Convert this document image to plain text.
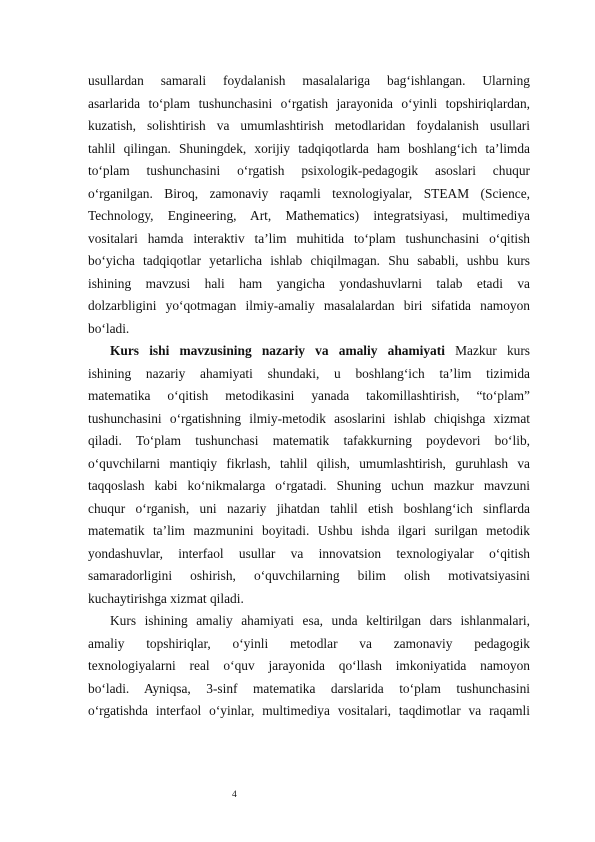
usullardan samarali foydalanish masalalariga bag‘ishlangan. Ularning
asarlarida to‘plam tushunchasini o‘rgatish jarayonida o‘yinli topshiriqlardan,
kuzatish, solishtirish va umumlashtirish metodlaridan foydalanish usullari
tahlil qilingan. Shuningdek, xorijiy tadqiqotlarda ham boshlang‘ich ta’limda
to‘plam tushunchasini o‘rgatish psixologik-pedagogik asoslari chuqur
o‘rganilgan. Biroq, zamonaviy raqamli texnologiyalar, STEAM (Science,
Technology, Engineering, Art, Mathematics) integratsiyasi, multimediya
vositalari hamda interaktiv ta’lim muhitida to‘plam tushunchasini o‘qitish
bo‘yicha tadqiqotlar yetarlicha ishlab chiqilmagan. Shu sababli, ushbu kurs
ishining mavzusi hali ham yangicha yondashuvlarni talab etadi va
dolzarbligini yo‘qotmagan ilmiy-amaliy masalalardan biri sifatida namoyon
bo‘ladi.
Kurs ishi mavzusining nazariy va amaliy ahamiyati Mazkur kurs
ishining nazariy ahamiyati shundaki, u boshlang‘ich ta’lim tizimida
matematika o‘qitish metodikasini yanada takomillashtirish, “to‘plam”
tushunchasini o‘rgatishning ilmiy-metodik asoslarini ishlab chiqishga xizmat
qiladi. To‘plam tushunchasi matematik tafakkurning poydevori bo‘lib,
o‘quvchilarni mantiqiy fikrlash, tahlil qilish, umumlashtirish, guruhlash va
taqqoslash kabi ko‘nikmalarga o‘rgatadi. Shuning uchun mazkur mavzuni
chuqur o‘rganish, uni nazariy jihatdan tahlil etish boshlang‘ich sinflarda
matematik ta’lim mazmunini boyitadi. Ushbu ishda ilgari surilgan metodik
yondashuvlar, interfaol usullar va innovatsion texnologiyalar o‘qitish
samaradorligini oshirish, o‘quvchilarning bilim olish motivatsiyasini
kuchaytirishga xizmat qiladi.
Kurs ishining amaliy ahamiyati esa, unda keltirilgan dars ishlanmalari,
amaliy topshiriqlar, o‘yinli metodlar va zamonaviy pedagogik
texnologiyalarni real o‘quv jarayonida qo‘llash imkoniyatida namoyon
bo‘ladi. Ayniqsa, 3-sinf matematika darslarida to‘plam tushunchasini
o‘rgatishda interfaol o‘yinlar, multimediya vositalari, taqdimotlar va raqamli
4
